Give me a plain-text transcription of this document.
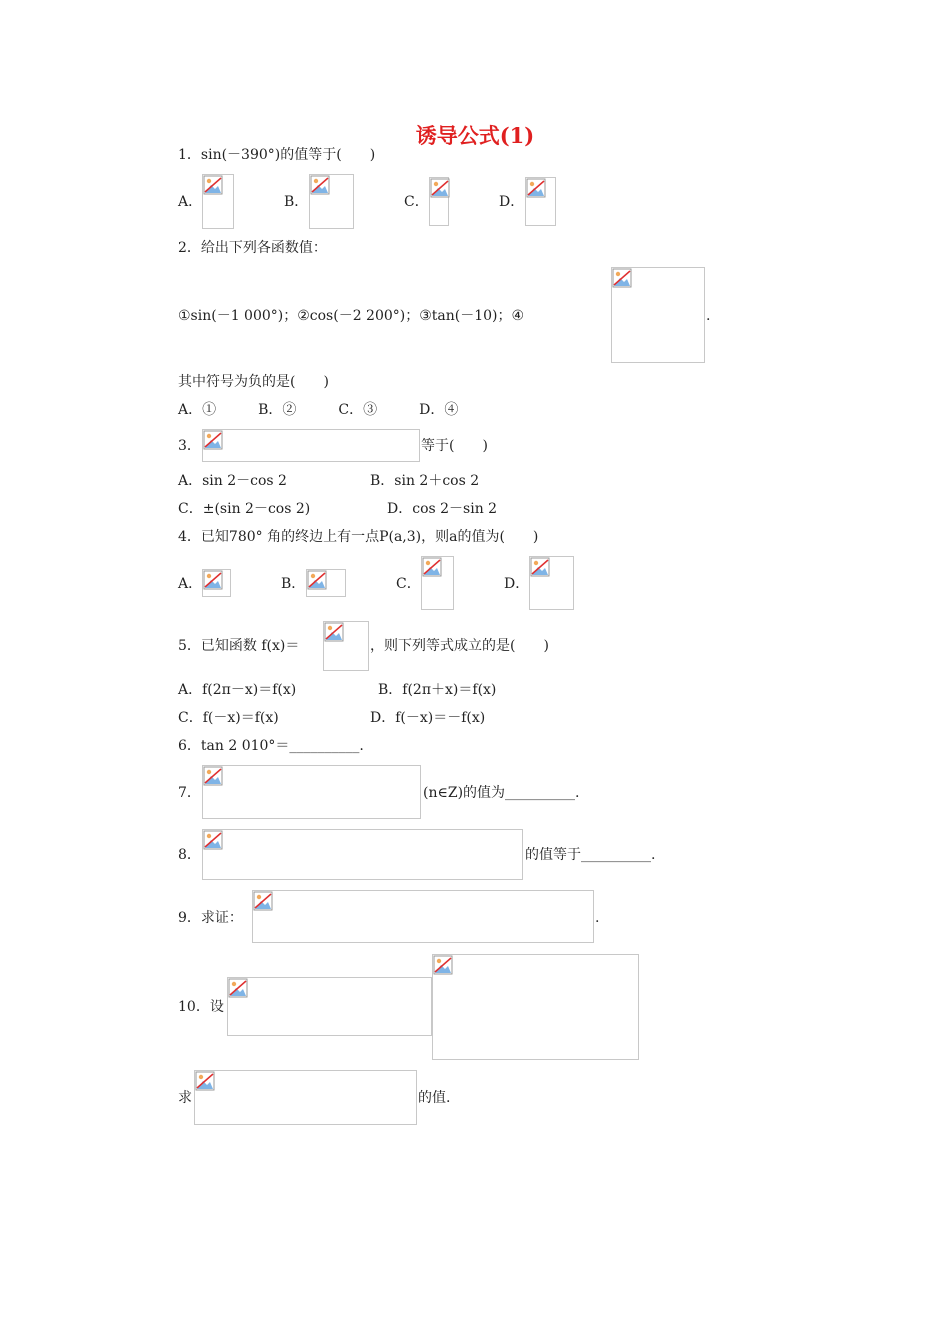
诱导公式(1)
1．sin(－390°)的值等于(　　)
A．	B．	C．	D．
2．给出下列各函数值：
①sin(－1 000°)；②cos(－2 200°)；③tan(－10)；④	.
其中符号为负的是(　　)
A．①　　　B．②　　　C．③　　　D．④
3．	等于(　　)
A．sin 2－cos 2	B．sin 2＋cos 2
C．±(sin 2－cos 2)	D．cos 2－sin 2
4．已知780° 角的终边上有一点P(a,3)，则a的值为(　　)
A．	B．	C．	D．
5．已知函数 f(x)＝	，则下列等式成立的是(　　)
A．f(2π－x)＝f(x)	B．f(2π＋x)＝f(x)
C．f(－x)＝f(x)	D．f(－x)＝－f(x)
6．tan 2 010°＝__________.
7．	(n∈Z)的值为__________.
8．	的值等于__________.
9．求证：	.
10．设
求	的值.
